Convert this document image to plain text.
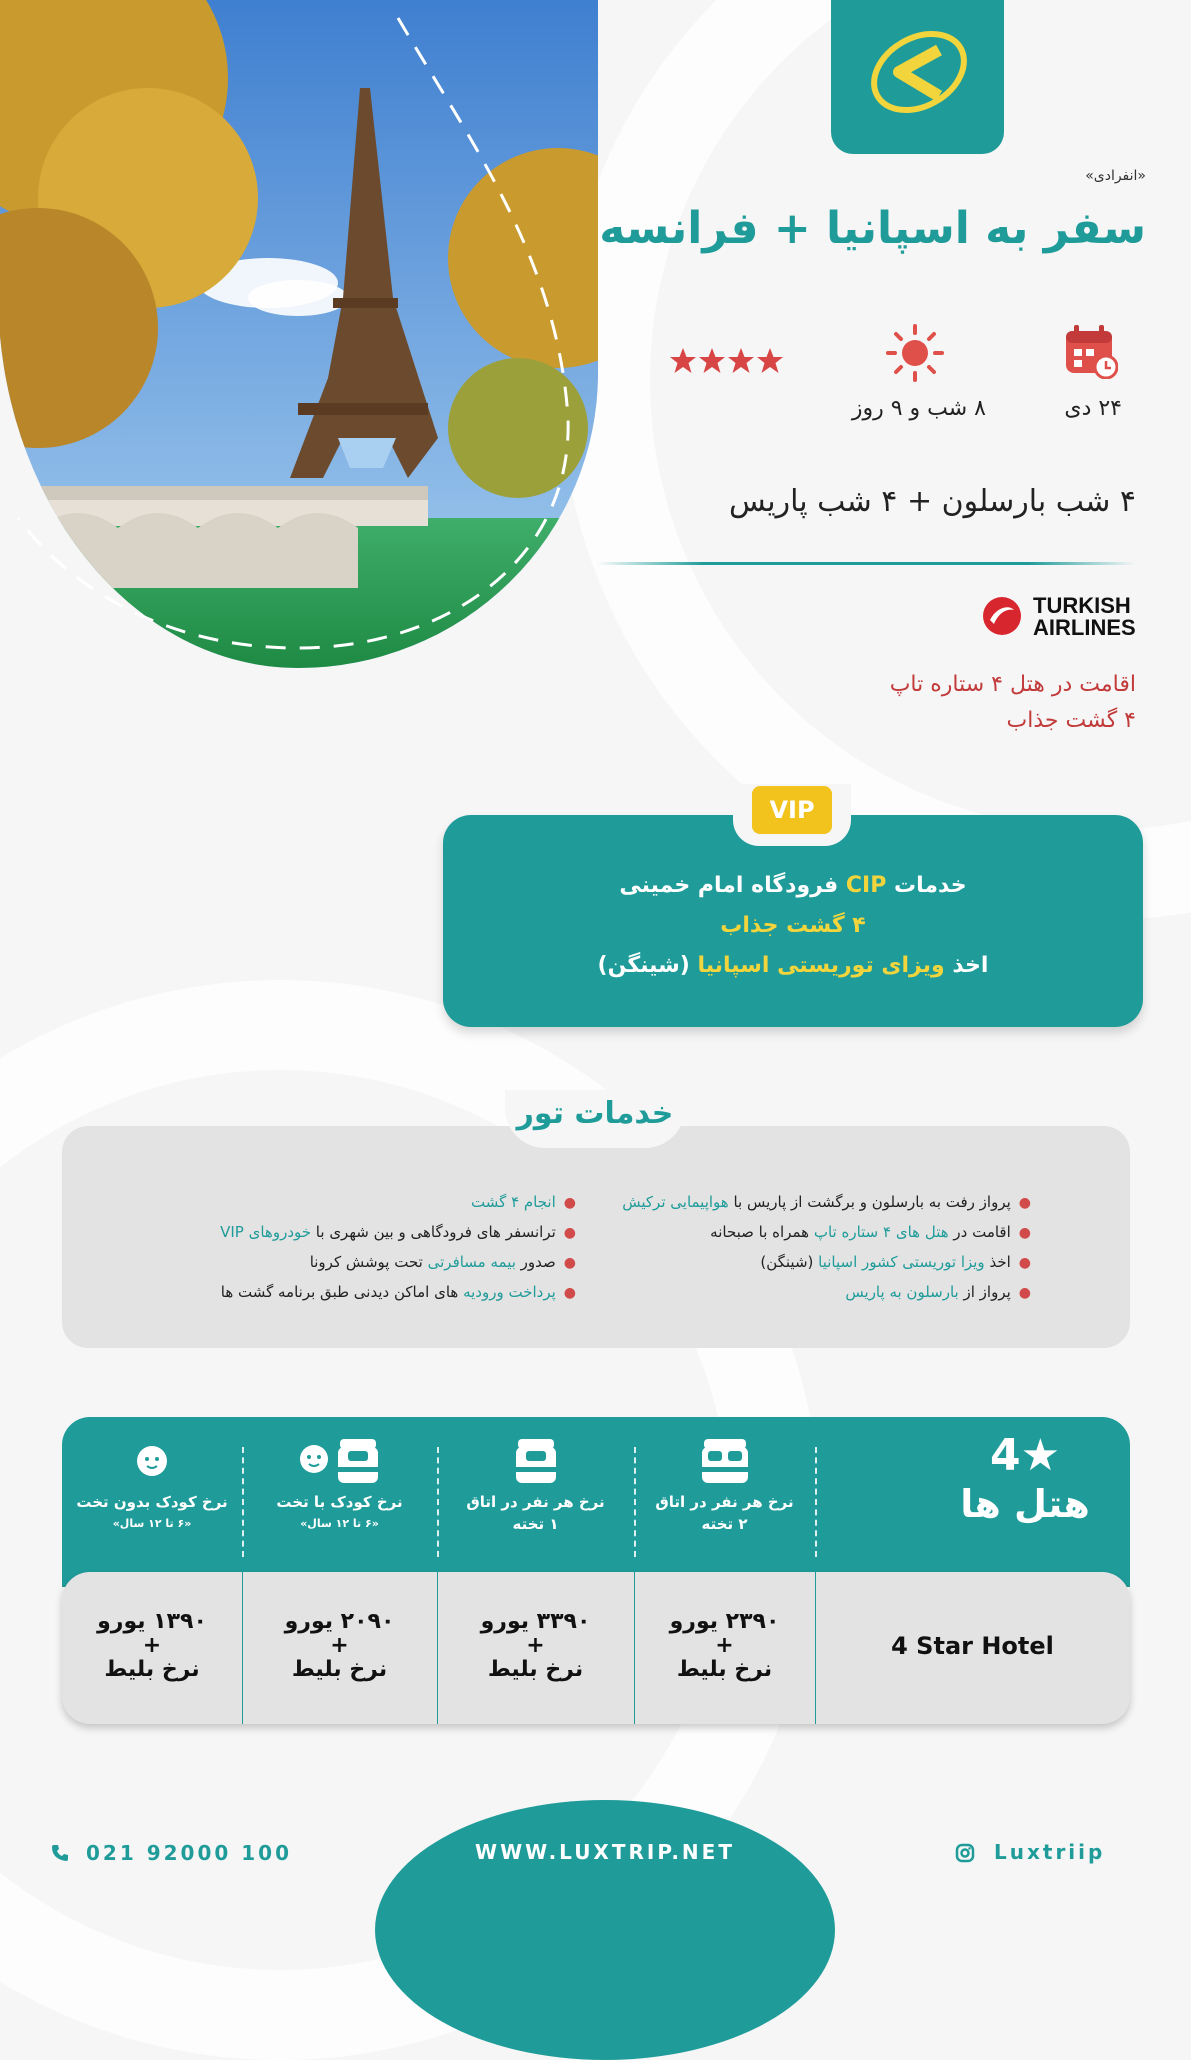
«انفرادی»
سفر به اسپانیا + فرانسه
۲۴ دی
۸ شب و ۹ روز
۴ شب بارسلون + ۴ شب پاریس
TURKISH
AIRLINES
اقامت در هتل ۴ ستاره تاپ
۴ گشت جذاب
خدمات CIP فرودگاه امام خمینی
۴ گشت جذاب
اخذ ویزای توریستی اسپانیا (شینگن)
VIP
خدمات تور
●پرواز رفت به بارسلون و برگشت از پاریس با هواپیمایی ترکیش
●اقامت در هتل های ۴ ستاره تاپ همراه با صبحانه
●اخذ ویزا توریستی کشور اسپانیا (شینگن)
●پرواز از بارسلون به پاریس
●انجام ۴ گشت
●ترانسفر های فرودگاهی و بین شهری با خودروهای VIP
●صدور بیمه مسافرتی تحت پوشش کرونا
●پرداخت ورودیه های اماکن دیدنی طبق برنامه گشت ها
4★
هتل ها
نرخ هر نفر در اتاق
۲ تخته
نرخ هر نفر در اتاق
۱ تخته
نرخ کودک با تخت
«۶ تا ۱۲ سال»
نرخ کودک بدون تخت
«۶ تا ۱۲ سال»
4 Star Hotel
۲۳۹۰ یورو
+
نرخ بلیط
۳۳۹۰ یورو
+
نرخ بلیط
۲۰۹۰ یورو
+
نرخ بلیط
۱۳۹۰ یورو
+
نرخ بلیط
021 92000 100	WWW.LUXTRIP.NET	Luxtriip
